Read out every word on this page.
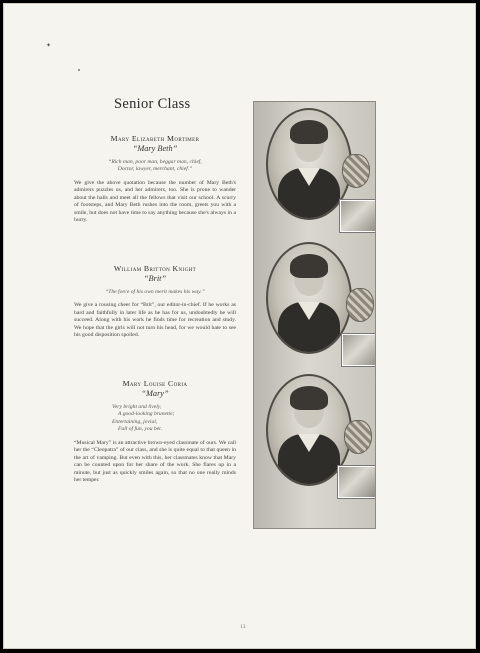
✦
Senior Class
Mary Elizabeth Mortimer
“Mary Beth”
“Rich man, poor man, beggar man, chief,
Doctor, lawyer, merchant, chief.”
We give the above quotation because the number of Mary Beth's admirers puzzles us, and her admirers, too. She is prone to wander about the halls and meet all the fellows that visit our school. A scurry of footsteps, and Mary Beth rushes into the room, greets you with a smile, but does not have time to say anything because she's always in a hurry.
William Britton Knight
“Brit”
“The force of his own merit makes his way.”
We give a rousing cheer for “Brit”, our editor-in-chief. If he works as hard and faithfully in later life as he has for us, undoubtedly he will succeed. Along with his work he finds time for recreation and study. We hope that the girls will not turn his head, for we would hate to see his good disposition spoiled.
Mary Louise Coria
“Mary”
Very bright and lively,
A good-looking brunette;
Entertaining, jovial,
Full of fun, you bet.
“Musical Mary” is an attractive brown-eyed classmate of ours. We call her the “Cleopatra” of our class, and she is quite equal to that queen in the art of vamping. But even with this, her classmates know that Mary can be counted upon for her share of the work. She flares up in a minute, but just as quickly smiles again, so that no one really minds her temper.
13
